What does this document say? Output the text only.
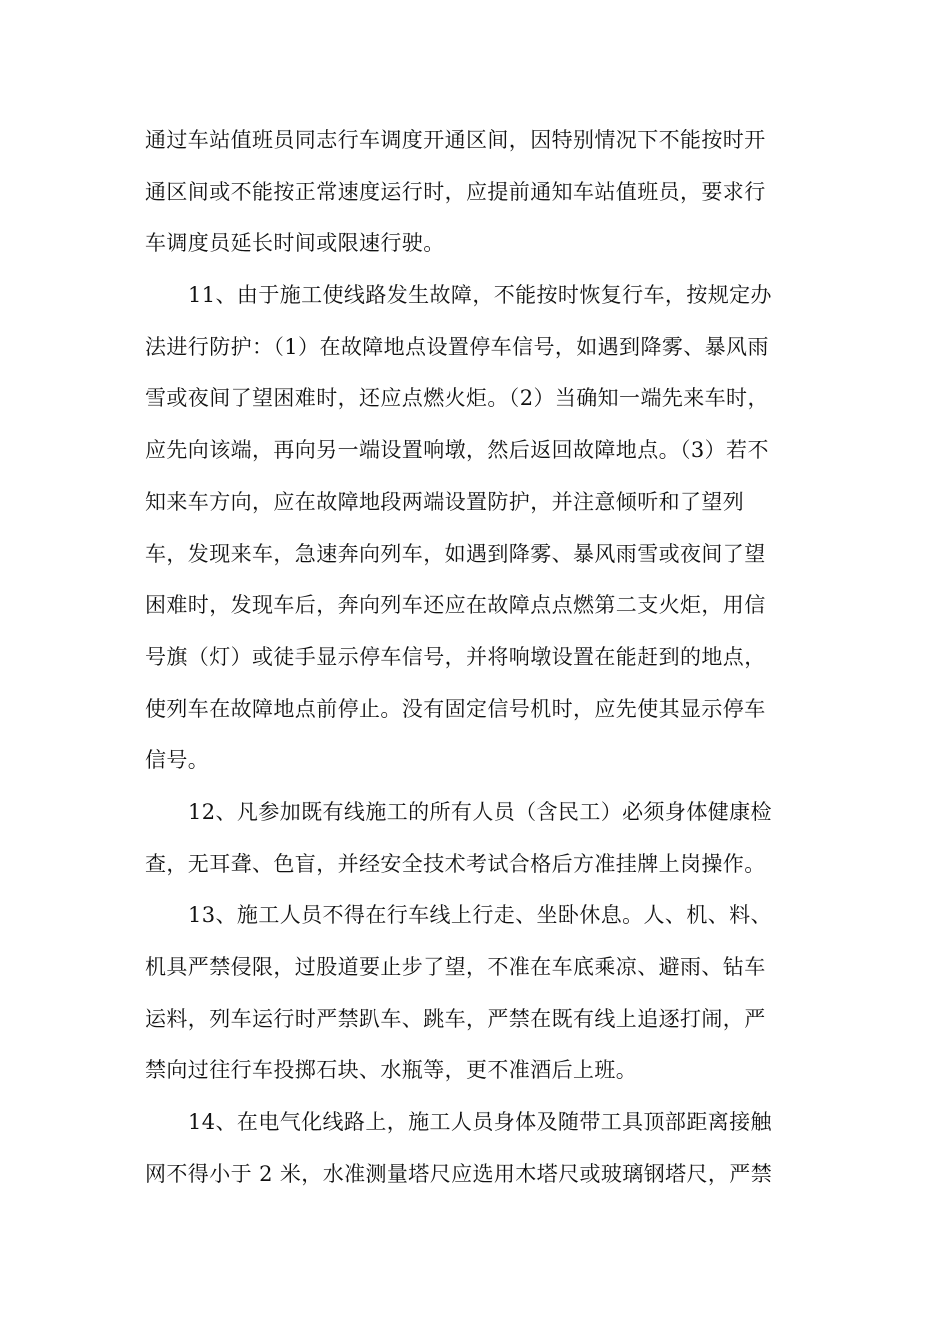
通过车站值班员同志行车调度开通区间，因特别情况下不能按时开
通区间或不能按正常速度运行时，应提前通知车站值班员，要求行
车调度员延长时间或限速行驶。
11、由于施工使线路发生故障，不能按时恢复行车，按规定办
法进行防护：（1）在故障地点设置停车信号，如遇到降雾、暴风雨
雪或夜间了望困难时，还应点燃火炬。（2）当确知一端先来车时，
应先向该端，再向另一端设置响墩，然后返回故障地点。（3）若不
知来车方向，应在故障地段两端设置防护，并注意倾听和了望列
车，发现来车，急速奔向列车，如遇到降雾、暴风雨雪或夜间了望
困难时，发现车后，奔向列车还应在故障点点燃第二支火炬，用信
号旗（灯）或徒手显示停车信号，并将响墩设置在能赶到的地点，
使列车在故障地点前停止。没有固定信号机时，应先使其显示停车
信号。
12、凡参加既有线施工的所有人员（含民工）必须身体健康检
查，无耳聋、色盲，并经安全技术考试合格后方准挂牌上岗操作。
13、施工人员不得在行车线上行走、坐卧休息。人、机、料、
机具严禁侵限，过股道要止步了望，不准在车底乘凉、避雨、钻车
运料，列车运行时严禁趴车、跳车，严禁在既有线上追逐打闹，严
禁向过往行车投掷石块、水瓶等，更不准酒后上班。
14、在电气化线路上，施工人员身体及随带工具顶部距离接触
网不得小于 2 米，水准测量塔尺应选用木塔尺或玻璃钢塔尺，严禁
